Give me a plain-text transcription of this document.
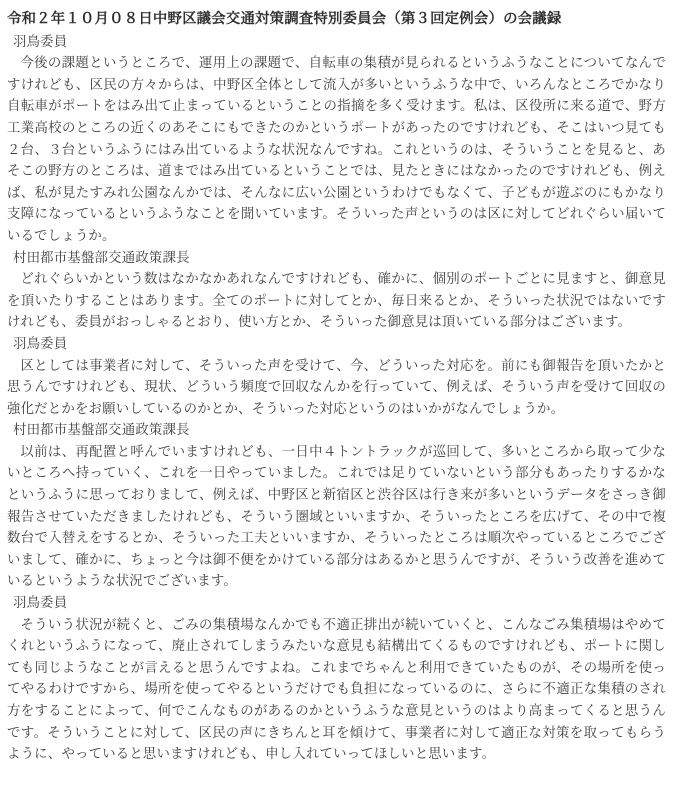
令和２年１０月０８日中野区議会交通対策調査特別委員会（第３回定例会）の会議録
羽鳥委員

今後の課題というところで、運用上の課題で、自転車の集積が見られるというふうなことについてなんですけれども、区民の方々からは、中野区全体として流入が多いというふうな中で、いろんなところでかなり自転車がポートをはみ出て止まっているということの指摘を多く受けます。私は、区役所に来る道で、野方工業高校のところの近くのあそこにもできたのかというポートがあったのですけれども、そこはいつ見ても２台、３台というふうにはみ出ているような状況なんですね。これというのは、そういうことを見ると、あそこの野方のところは、道まではみ出ているということでは、見たときにはなかったのですけれども、例えば、私が見たすみれ公園なんかでは、そんなに広い公園というわけでもなくて、子どもが遊ぶのにもかなり支障になっているというふうなことを聞いています。そういった声というのは区に対してどれぐらい届いているでしょうか。

村田都市基盤部交通政策課長

どれぐらいかという数はなかなかあれなんですけれども、確かに、個別のポートごとに見ますと、御意見を頂いたりすることはあります。全てのポートに対してとか、毎日来るとか、そういった状況ではないですけれども、委員がおっしゃるとおり、使い方とか、そういった御意見は頂いている部分はございます。

羽鳥委員

区としては事業者に対して、そういった声を受けて、今、どういった対応を。前にも御報告を頂いたかと思うんですけれども、現状、どういう頻度で回収なんかを行っていて、例えば、そういう声を受けて回収の強化だとかをお願いしているのかとか、そういった対応というのはいかがなんでしょうか。

村田都市基盤部交通政策課長

以前は、再配置と呼んでいますけれども、一日中４トントラックが巡回して、多いところから取って少ないところへ持っていく、これを一日やっていました。これでは足りていないという部分もあったりするかなというふうに思っておりまして、例えば、中野区と新宿区と渋谷区は行き来が多いというデータをさっき御報告させていただきましたけれども、そういう圏域といいますか、そういったところを広げて、その中で複数台で入替えをするとか、そういった工夫といいますか、そういったところは順次やっているところでございまして、確かに、ちょっと今は御不便をかけている部分はあるかと思うんですが、そういう改善を進めているというような状況でございます。

羽鳥委員

そういう状況が続くと、ごみの集積場なんかでも不適正排出が続いていくと、こんなごみ集積場はやめてくれというふうになって、廃止されてしまうみたいな意見も結構出てくるものですけれども、ポートに関しても同じようなことが言えると思うんですよね。これまでちゃんと利用できていたものが、その場所を使ってやるわけですから、場所を使ってやるというだけでも負担になっているのに、さらに不適正な集積のされ方をすることによって、何でこんなものがあるのかというふうな意見というのはより高まってくると思うんです。そういうことに対して、区民の声にきちんと耳を傾けて、事業者に対して適正な対策を取ってもらうように、やっていると思いますけれども、申し入れていってほしいと思います。
